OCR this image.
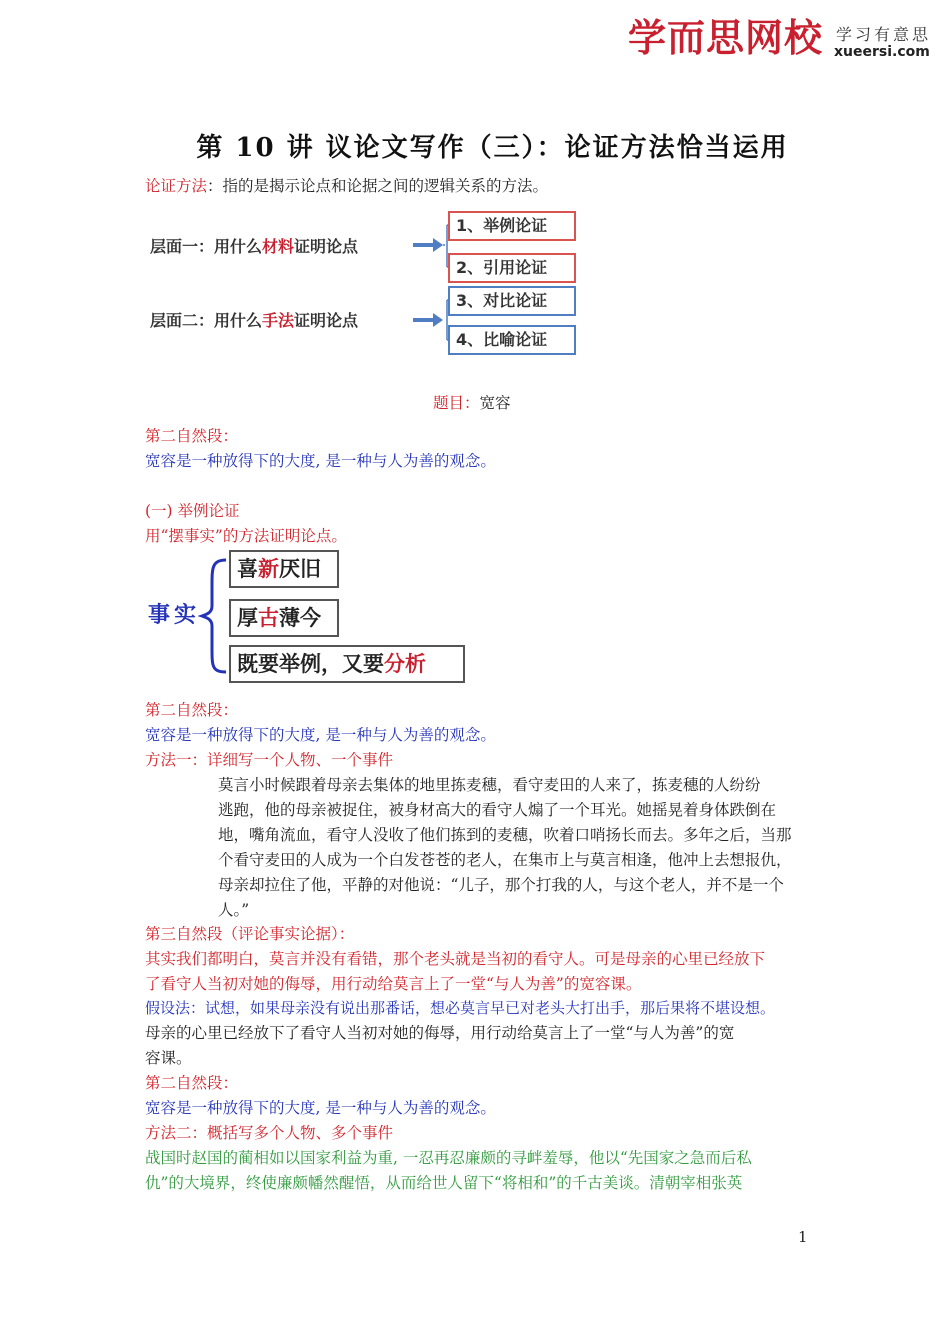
学而思网校 学习有意思
xueersi.com
第 10 讲 议论文写作（三）：论证方法恰当运用
论证方法：指的是揭示论点和论据之间的逻辑关系的方法。
层面一：用什么材料证明论点
层面二：用什么手法证明论点
1、举例论证
2、引用论证
3、对比论证
4、比喻论证
题目：宽容
第二自然段：
宽容是一种放得下的大度, 是一种与人为善的观念。
(一) 举例论证
用“摆事实”的方法证明论点。
事实
喜新厌旧
厚古薄今
既要举例，又要分析
第二自然段：
宽容是一种放得下的大度, 是一种与人为善的观念。
方法一：详细写一个人物、一个事件
莫言小时候跟着母亲去集体的地里拣麦穗，看守麦田的人来了，拣麦穗的人纷纷
逃跑，他的母亲被捉住，被身材高大的看守人煽了一个耳光。她摇晃着身体跌倒在
地，嘴角流血，看守人没收了他们拣到的麦穗，吹着口哨扬长而去。多年之后，当那
个看守麦田的人成为一个白发苍苍的老人，在集市上与莫言相逢，他冲上去想报仇，
母亲却拉住了他，平静的对他说：“儿子，那个打我的人，与这个老人，并不是一个
人。”
第三自然段（评论事实论据）：
其实我们都明白，莫言并没有看错，那个老头就是当初的看守人。可是母亲的心里已经放下
了看守人当初对她的侮辱，用行动给莫言上了一堂“与人为善”的宽容课。
假设法：试想，如果母亲没有说出那番话，想必莫言早已对老头大打出手，那后果将不堪设想。
母亲的心里已经放下了看守人当初对她的侮辱，用行动给莫言上了一堂“与人为善”的宽
容课。
第二自然段：
宽容是一种放得下的大度, 是一种与人为善的观念。
方法二：概括写多个人物、多个事件
战国时赵国的蔺相如以国家利益为重, 一忍再忍廉颇的寻衅羞辱，他以“先国家之急而后私
仇”的大境界，终使廉颇幡然醒悟，从而给世人留下“将相和”的千古美谈。清朝宰相张英
1
